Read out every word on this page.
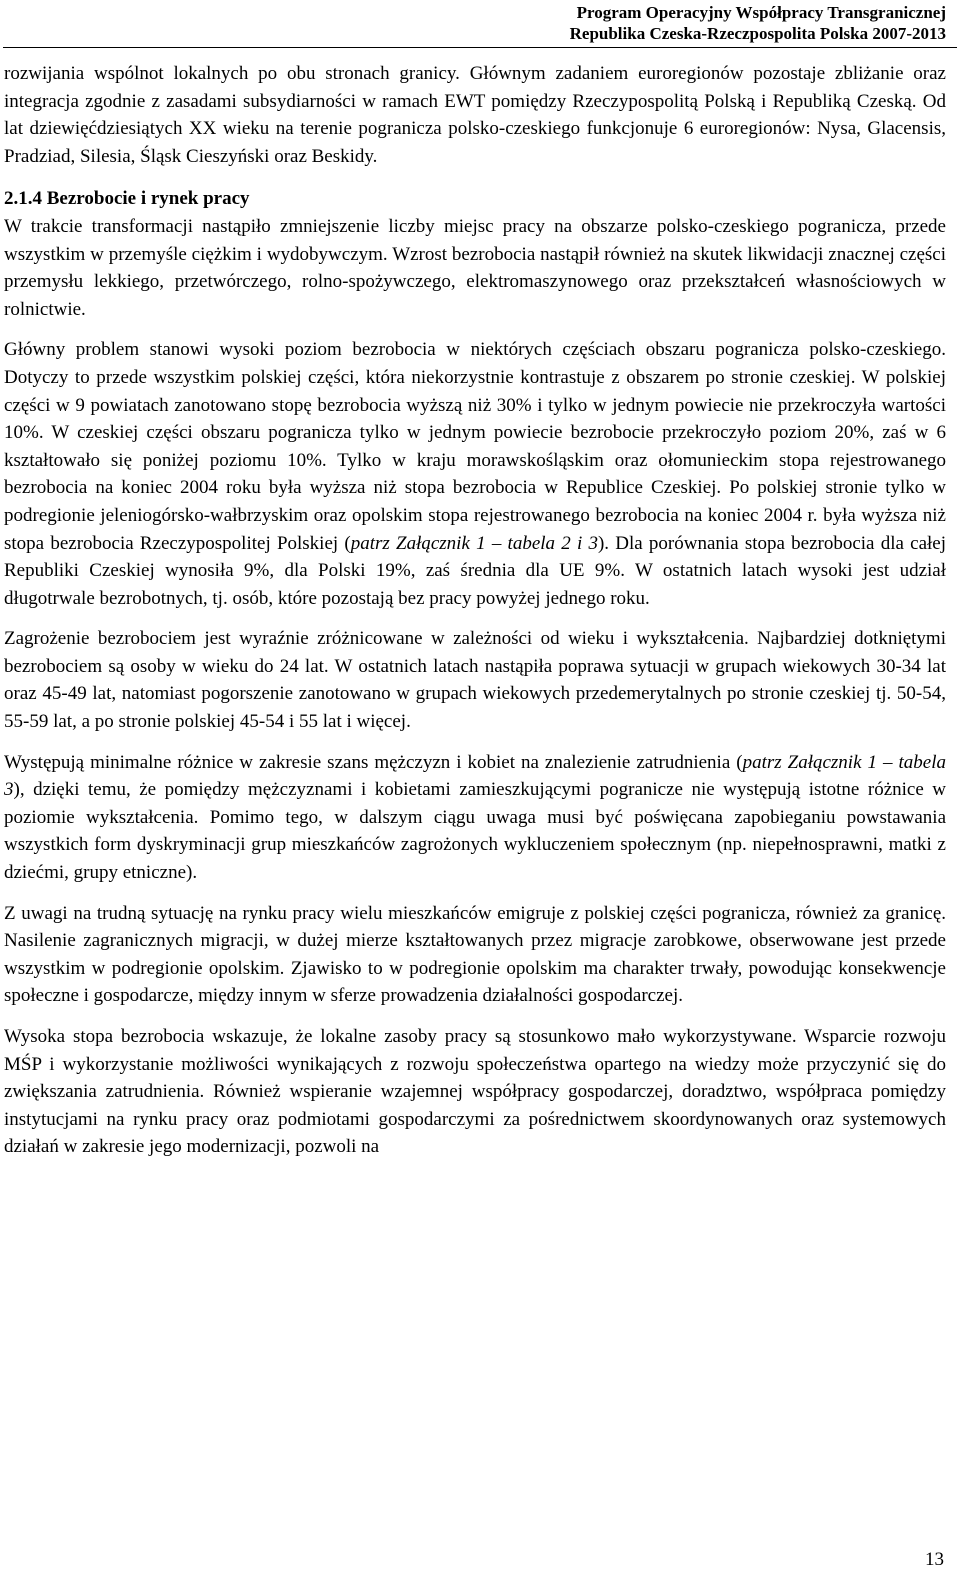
Program Operacyjny Współpracy Transgranicznej
Republika Czeska-Rzeczpospolita Polska 2007-2013

rozwijania wspólnot lokalnych po obu stronach granicy. Głównym zadaniem euroregionów pozostaje zbliżanie oraz integracja zgodnie z zasadami subsydiarności w ramach EWT pomiędzy Rzeczypospolitą Polską i Republiką Czeską. Od lat dziewięćdziesiątych XX wieku na terenie pogranicza polsko-czeskiego funkcjonuje 6 euroregionów: Nysa, Glacensis, Pradziad, Silesia, Śląsk Cieszyński oraz Beskidy.

2.1.4 Bezrobocie i rynek pracy

W trakcie transformacji nastąpiło zmniejszenie liczby miejsc pracy na obszarze polsko-czeskiego pogranicza, przede wszystkim w przemyśle ciężkim i wydobywczym. Wzrost bezrobocia nastąpił również na skutek likwidacji znacznej części przemysłu lekkiego, przetwórczego, rolno-spożywczego, elektromaszynowego oraz przekształceń własnościowych w rolnictwie.

Główny problem stanowi wysoki poziom bezrobocia w niektórych częściach obszaru pogranicza polsko-czeskiego. Dotyczy to przede wszystkim polskiej części, która niekorzystnie kontrastuje z obszarem po stronie czeskiej. W polskiej części w 9 powiatach zanotowano stopę bezrobocia wyższą niż 30% i tylko w jednym powiecie nie przekroczyła wartości 10%. W czeskiej części obszaru pogranicza tylko w jednym powiecie bezrobocie przekroczyło poziom 20%, zaś w 6 kształtowało się poniżej poziomu 10%. Tylko w kraju morawskośląskim oraz ołomunieckim stopa rejestrowanego bezrobocia na koniec 2004 roku była wyższa niż stopa bezrobocia w Republice Czeskiej. Po polskiej stronie tylko w podregionie jeleniogórsko-wałbrzyskim oraz opolskim stopa rejestrowanego bezrobocia na koniec 2004 r. była wyższa niż stopa bezrobocia Rzeczypospolitej Polskiej (patrz Załącznik 1 – tabela 2 i 3). Dla porównania stopa bezrobocia dla całej Republiki Czeskiej wynosiła 9%, dla Polski 19%, zaś średnia dla UE 9%. W ostatnich latach wysoki jest udział długotrwale bezrobotnych, tj. osób, które pozostają bez pracy powyżej jednego roku.

Zagrożenie bezrobociem jest wyraźnie zróżnicowane w zależności od wieku i wykształcenia. Najbardziej dotkniętymi bezrobociem są osoby w wieku do 24 lat. W ostatnich latach nastąpiła poprawa sytuacji w grupach wiekowych 30-34 lat oraz 45-49 lat, natomiast pogorszenie zanotowano w grupach wiekowych przedemerytalnych po stronie czeskiej tj. 50-54, 55-59 lat, a po stronie polskiej 45-54 i 55 lat i więcej.

Występują minimalne różnice w zakresie szans mężczyzn i kobiet na znalezienie zatrudnienia (patrz Załącznik 1 – tabela 3), dzięki temu, że pomiędzy mężczyznami i kobietami zamieszkującymi pogranicze nie występują istotne różnice w poziomie wykształcenia. Pomimo tego, w dalszym ciągu uwaga musi być poświęcana zapobieganiu powstawania wszystkich form dyskryminacji grup mieszkańców zagrożonych wykluczeniem społecznym (np. niepełnosprawni, matki z dziećmi, grupy etniczne).

Z uwagi na trudną sytuację na rynku pracy wielu mieszkańców emigruje z polskiej części pogranicza, również za granicę. Nasilenie zagranicznych migracji, w dużej mierze kształtowanych przez migracje zarobkowe, obserwowane jest przede wszystkim w podregionie opolskim. Zjawisko to w podregionie opolskim ma charakter trwały, powodując konsekwencje społeczne i gospodarcze, między innym w sferze prowadzenia działalności gospodarczej.

Wysoka stopa bezrobocia wskazuje, że lokalne zasoby pracy są stosunkowo mało wykorzystywane. Wsparcie rozwoju MŚP i wykorzystanie możliwości wynikających z rozwoju społeczeństwa opartego na wiedzy może przyczynić się do zwiększania zatrudnienia. Również wspieranie wzajemnej współpracy gospodarczej, doradztwo, współpraca pomiędzy instytucjami na rynku pracy oraz podmiotami gospodarczymi za pośrednictwem skoordynowanych oraz systemowych działań w zakresie jego modernizacji, pozwoli na

13
